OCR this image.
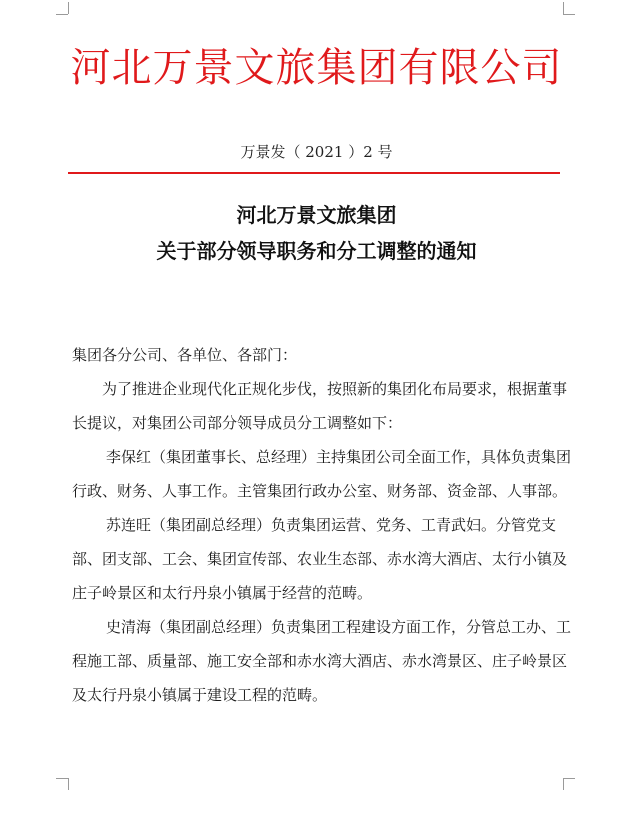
河北万景文旅集团有限公司
万景发（ 2021 ）2 号
河北万景文旅集团
关于部分领导职务和分工调整的通知

集团各分公司、各单位、各部门：

为了推进企业现代化正规化步伐，按照新的集团化布局要求，根据董事长提议，对集团公司部分领导成员分工调整如下：

李保红（集团董事长、总经理）主持集团公司全面工作，具体负责集团行政、财务、人事工作。主管集团行政办公室、财务部、资金部、人事部。

苏连旺（集团副总经理）负责集团运营、党务、工青武妇。分管党支部、团支部、工会、集团宣传部、农业生态部、赤水湾大酒店、太行小镇及庄子岭景区和太行丹泉小镇属于经营的范畴。

史清海（集团副总经理）负责集团工程建设方面工作，分管总工办、工程施工部、质量部、施工安全部和赤水湾大酒店、赤水湾景区、庄子岭景区及太行丹泉小镇属于建设工程的范畴。
